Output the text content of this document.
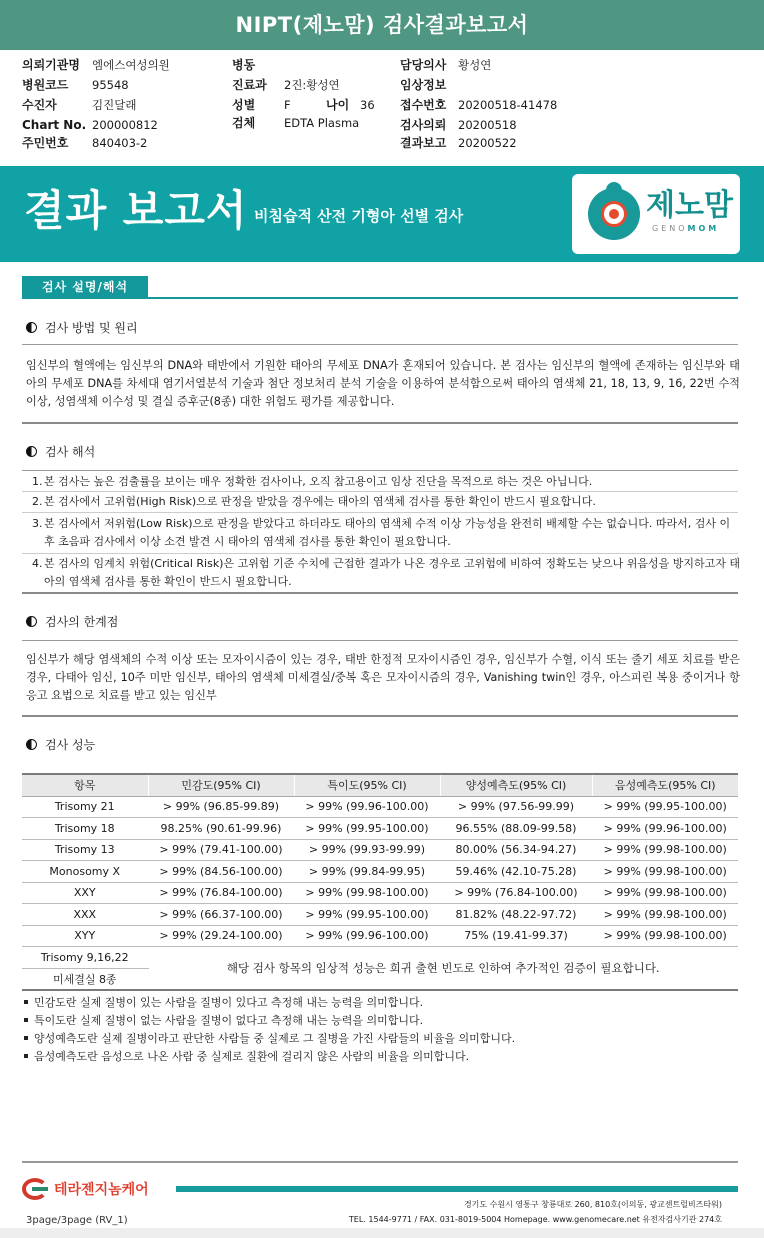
NIPT(제노맘) 검사결과보고서
의뢰기관명 엠에스여성의원
병원코드 95548
수진자	김진달래
Chart No. 200000812
주민번호 840403-2
병동
진료과 2진:황성연
성별	F	나이 36
검체	EDTA Plasma
담당의사 황성연
임상정보
접수번호 20200518-41478
검사의뢰 20200518
결과보고 20200522
결과 보고서 비침습적 산전 기형아 선별 검사	제노맘
GENOMOM
검사 설명/해석
검사 방법 및 원리
임신부의 혈액에는 임신부의 DNA와 태반에서 기원한 태아의 무세포 DNA가 혼재되어 있습니다. 본 검사는 임신부의 혈액에 존재하는 임신부와 태아의 무세포 DNA를 차세대 염기서열분석 기술과 첨단 정보처리 분석 기술을 이용하여 분석함으로써 태아의 염색체 21, 18, 13, 9, 16, 22번 수적 이상, 성염색체 이수성 및 결실 증후군(8종) 대한 위험도 평가를 제공합니다.
검사 해석
1. 본 검사는 높은 검출률을 보이는 매우 정확한 검사이나, 오직 참고용이고 임상 진단을 목적으로 하는 것은 아닙니다.
2. 본 검사에서 고위험(High Risk)으로 판정을 받았을 경우에는 태아의 염색체 검사를 통한 확인이 반드시 필요합니다.
3. 본 검사에서 저위험(Low Risk)으로 판정을 받았다고 하더라도 태아의 염색체 수적 이상 가능성을 완전히 배제할 수는 없습니다. 따라서, 검사 이후 초음파 검사에서 이상 소견 발견 시 태아의 염색체 검사를 통한 확인이 필요합니다.
4. 본 검사의 임계치 위험(Critical Risk)은 고위험 기준 수치에 근접한 결과가 나온 경우로 고위험에 비하여 정확도는 낮으나 위음성을 방지하고자 태아의 염색체 검사를 통한 확인이 반드시 필요합니다.
검사의 한계점
임신부가 해당 염색체의 수적 이상 또는 모자이시즘이 있는 경우, 태반 한정적 모자이시즘인 경우, 임신부가 수혈, 이식 또는 줄기 세포 치료를 받은 경우, 다태아 임신, 10주 미만 임신부, 태아의 염색체 미세결실/중복 혹은 모자이시즘의 경우, Vanishing twin인 경우, 아스피린 복용 중이거나 항 응고 요법으로 치료를 받고 있는 임신부
검사 성능
항목	민감도(95% CI)	특이도(95% CI)	양성예측도(95% CI)	음성예측도(95% CI)
Trisomy 21	> 99% (96.85-99.89)	> 99% (99.96-100.00)	> 99% (97.56-99.99)	> 99% (99.95-100.00)
Trisomy 18	98.25% (90.61-99.96)	> 99% (99.95-100.00)	96.55% (88.09-99.58)	> 99% (99.96-100.00)
Trisomy 13	> 99% (79.41-100.00)	> 99% (99.93-99.99)	80.00% (56.34-94.27)	> 99% (99.98-100.00)
Monosomy X	> 99% (84.56-100.00)	> 99% (99.84-99.95)	59.46% (42.10-75.28)	> 99% (99.98-100.00)
XXY	> 99% (76.84-100.00)	> 99% (99.98-100.00)	> 99% (76.84-100.00)	> 99% (99.98-100.00)
XXX	> 99% (66.37-100.00)	> 99% (99.95-100.00)	81.82% (48.22-97.72)	> 99% (99.98-100.00)
XYY	> 99% (29.24-100.00)	> 99% (99.96-100.00)	75% (19.41-99.37)	> 99% (99.98-100.00)
Trisomy 9,16,22	해당 검사 항목의 임상적 성능은 희귀 출현 빈도로 인하여 추가적인 검증이 필요합니다.			
미세결실 8종				
민감도란 실제 질병이 있는 사람을 질병이 있다고 측정해 내는 능력을 의미합니다.
특이도란 실제 질병이 없는 사람을 질병이 없다고 측정해 내는 능력을 의미합니다.
양성예측도란 실제 질병이라고 판단한 사람들 중 실제로 그 질병을 가진 사람들의 비율을 의미합니다.
음성예측도란 음성으로 나온 사람 중 실제로 질환에 걸리지 않은 사람의 비율을 의미합니다.
테라젠지놈케어
경기도 수원시 영통구 창룡대로 260, 810호(이의동, 광교센트럴비즈타워)
TEL. 1544-9771 / FAX. 031-8019-5004 Homepage. www.genomecare.net 유전자검사기관 274호
3page/3page (RV_1)
